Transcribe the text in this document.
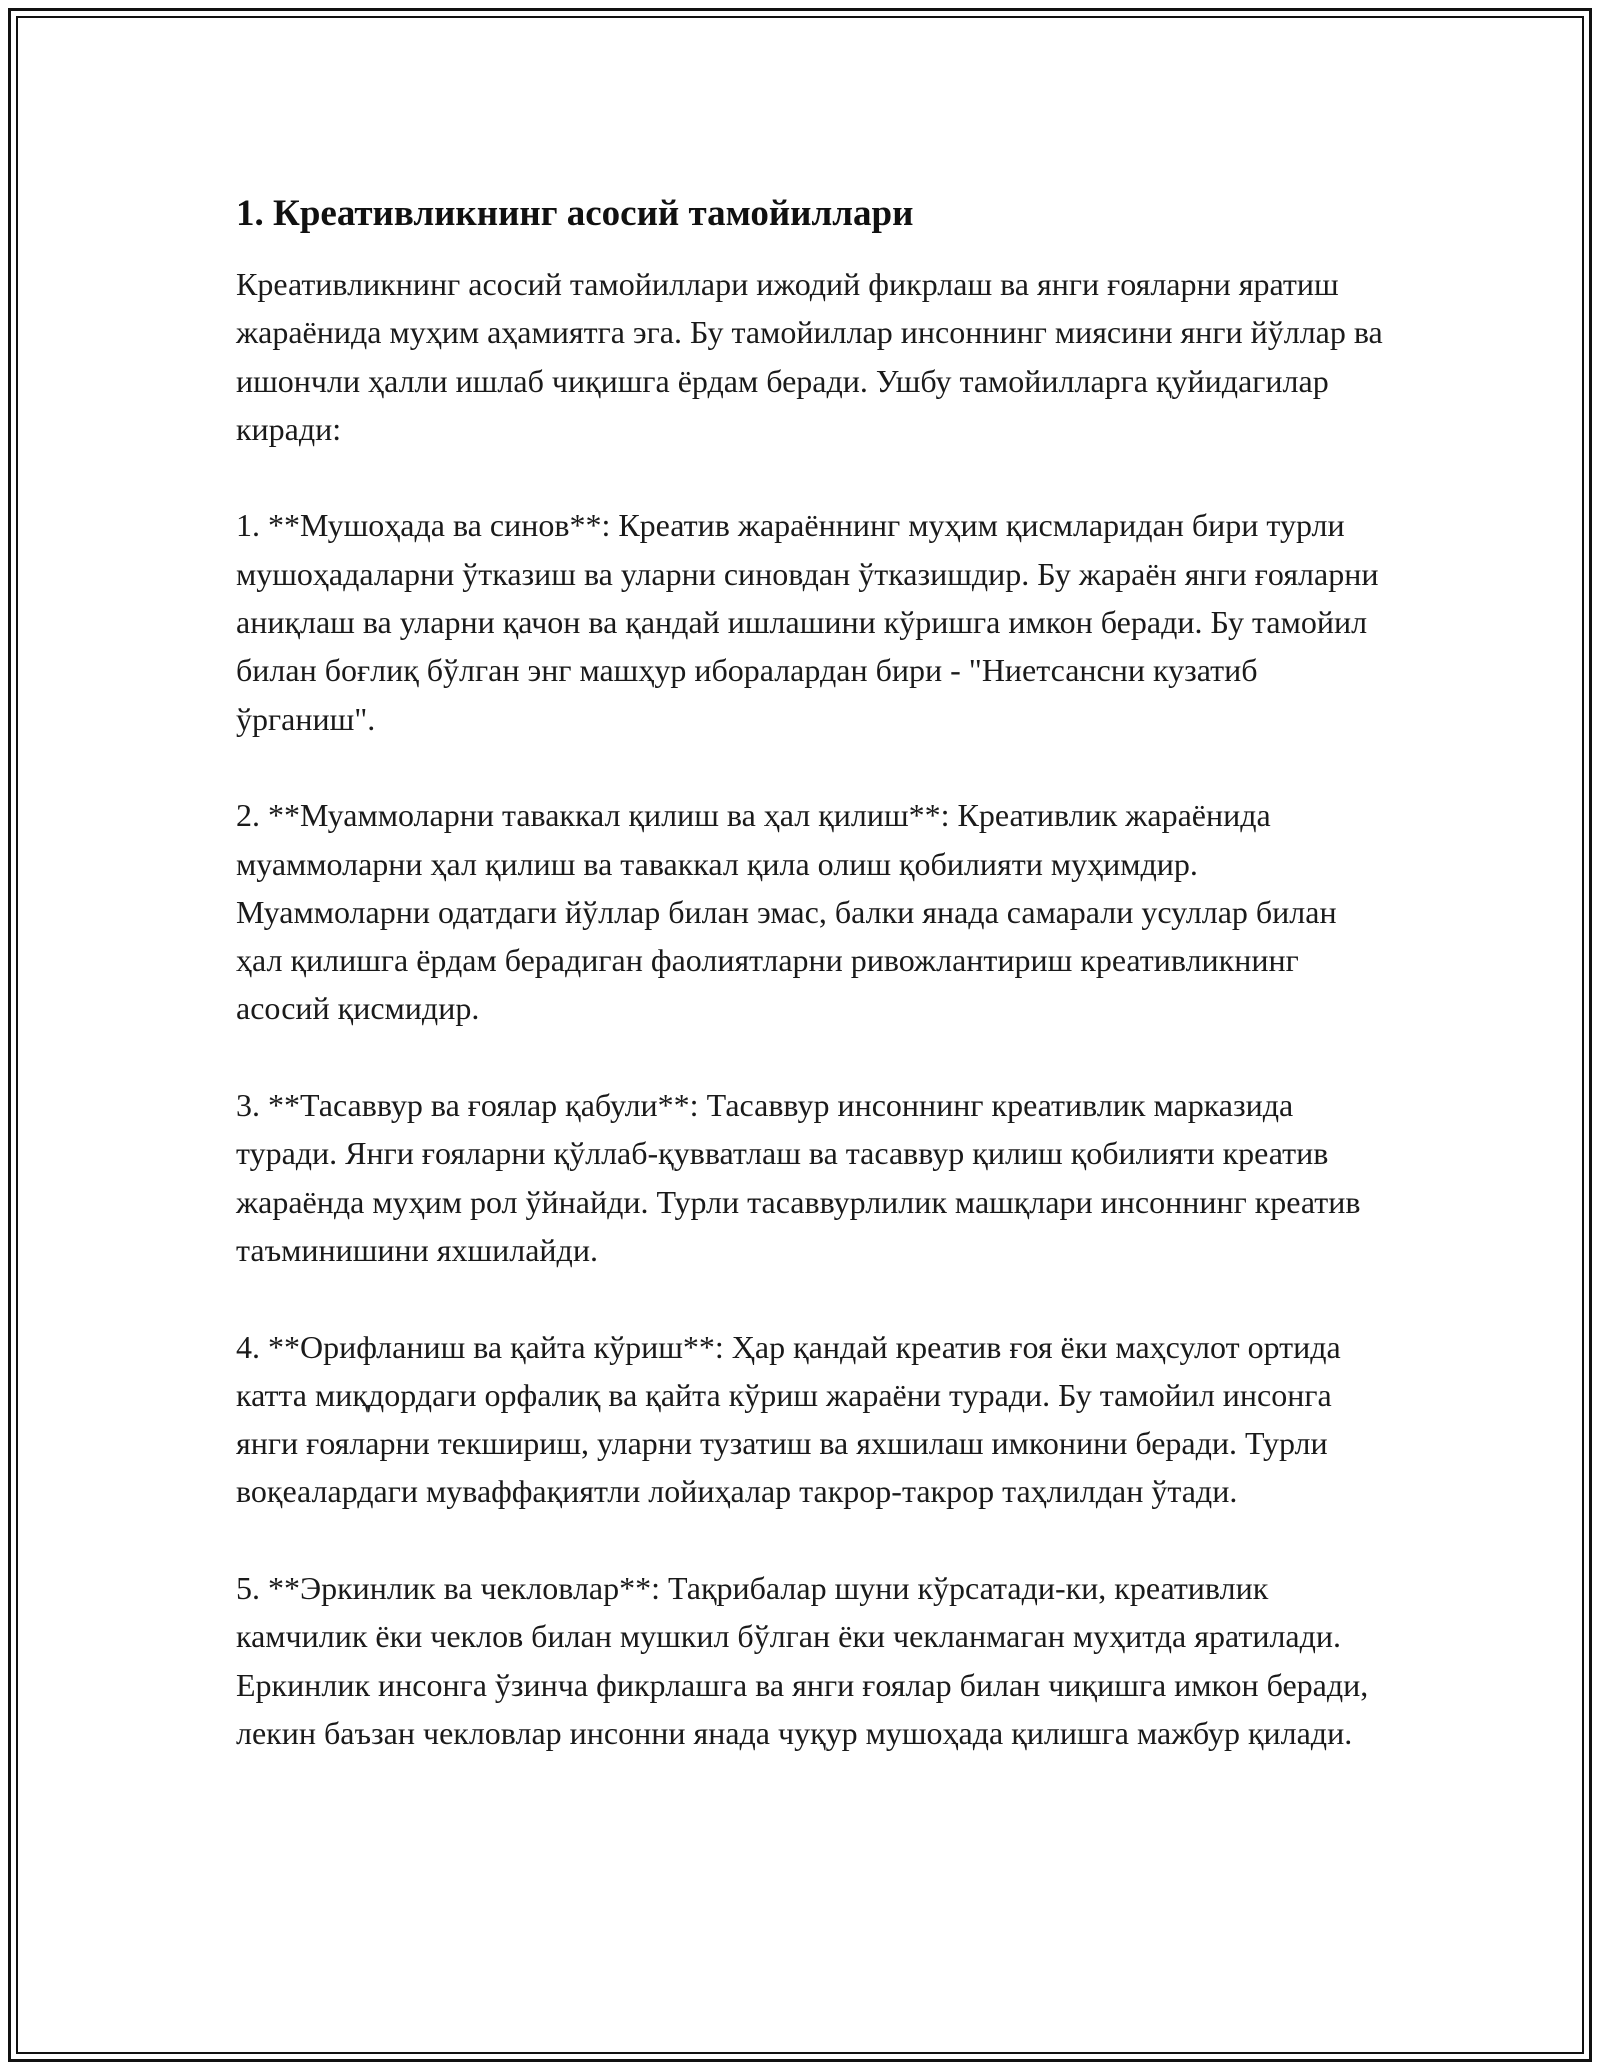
1. Креативликнинг асосий тамойиллари

Креативликнинг асосий тамойиллари ижодий фикрлаш ва янги ғояларни яратиш жараёнида муҳим аҳамиятга эга. Бу тамойиллар инсоннинг миясини янги йўллар ва ишончли ҳалли ишлаб чиқишга ёрдам беради. Ушбу тамойилларга қуйидагилар киради:

1. **Мушоҳада ва синов**: Креатив жараённинг муҳим қисмларидан бири турли мушоҳадаларни ўтказиш ва уларни синовдан ўтказишдир. Бу жараён янги ғояларни аниқлаш ва уларни қачон ва қандай ишлашини кўришга имкон беради. Бу тамойил билан боғлиқ бўлган энг машҳур иборалардан бири - "Ниетсансни кузатиб ўрганиш".

2. **Муаммоларни таваккал қилиш ва ҳал қилиш**: Креативлик жараёнида муаммоларни ҳал қилиш ва таваккал қила олиш қобилияти муҳимдир. Муаммоларни одатдаги йўллар билан эмас, балки янада самарали усуллар билан ҳал қилишга ёрдам берадиган фаолиятларни ривожлантириш креативликнинг асосий қисмидир.

3. **Тасаввур ва ғоялар қабули**: Тасаввур инсоннинг креативлик марказида туради. Янги ғояларни қўллаб-қувватлаш ва тасаввур қилиш қобилияти креатив жараёнда муҳим рол ўйнайди. Турли тасаввурлилик машқлари инсоннинг креатив таъминишини яхшилайди.

4. **Орифланиш ва қайта кўриш**: Ҳар қандай креатив ғоя ёки маҳсулот ортида катта миқдордаги орфалиқ ва қайта кўриш жараёни туради. Бу тамойил инсонга янги ғояларни текшириш, уларни тузатиш ва яхшилаш имконини беради. Турли воқеалардаги муваффақиятли лойиҳалар такрор-такрор таҳлилдан ўтади.

5. **Эркинлик ва чекловлар**: Тақрибалар шуни кўрсатади-ки, креативлик камчилик ёки чеклов билан мушкил бўлган ёки чекланмаган муҳитда яратилади. Еркинлик инсонга ўзинча фикрлашга ва янги ғоялар билан чиқишга имкон беради, лекин баъзан чекловлар инсонни янада чуқур мушоҳада қилишга мажбур қилади.
